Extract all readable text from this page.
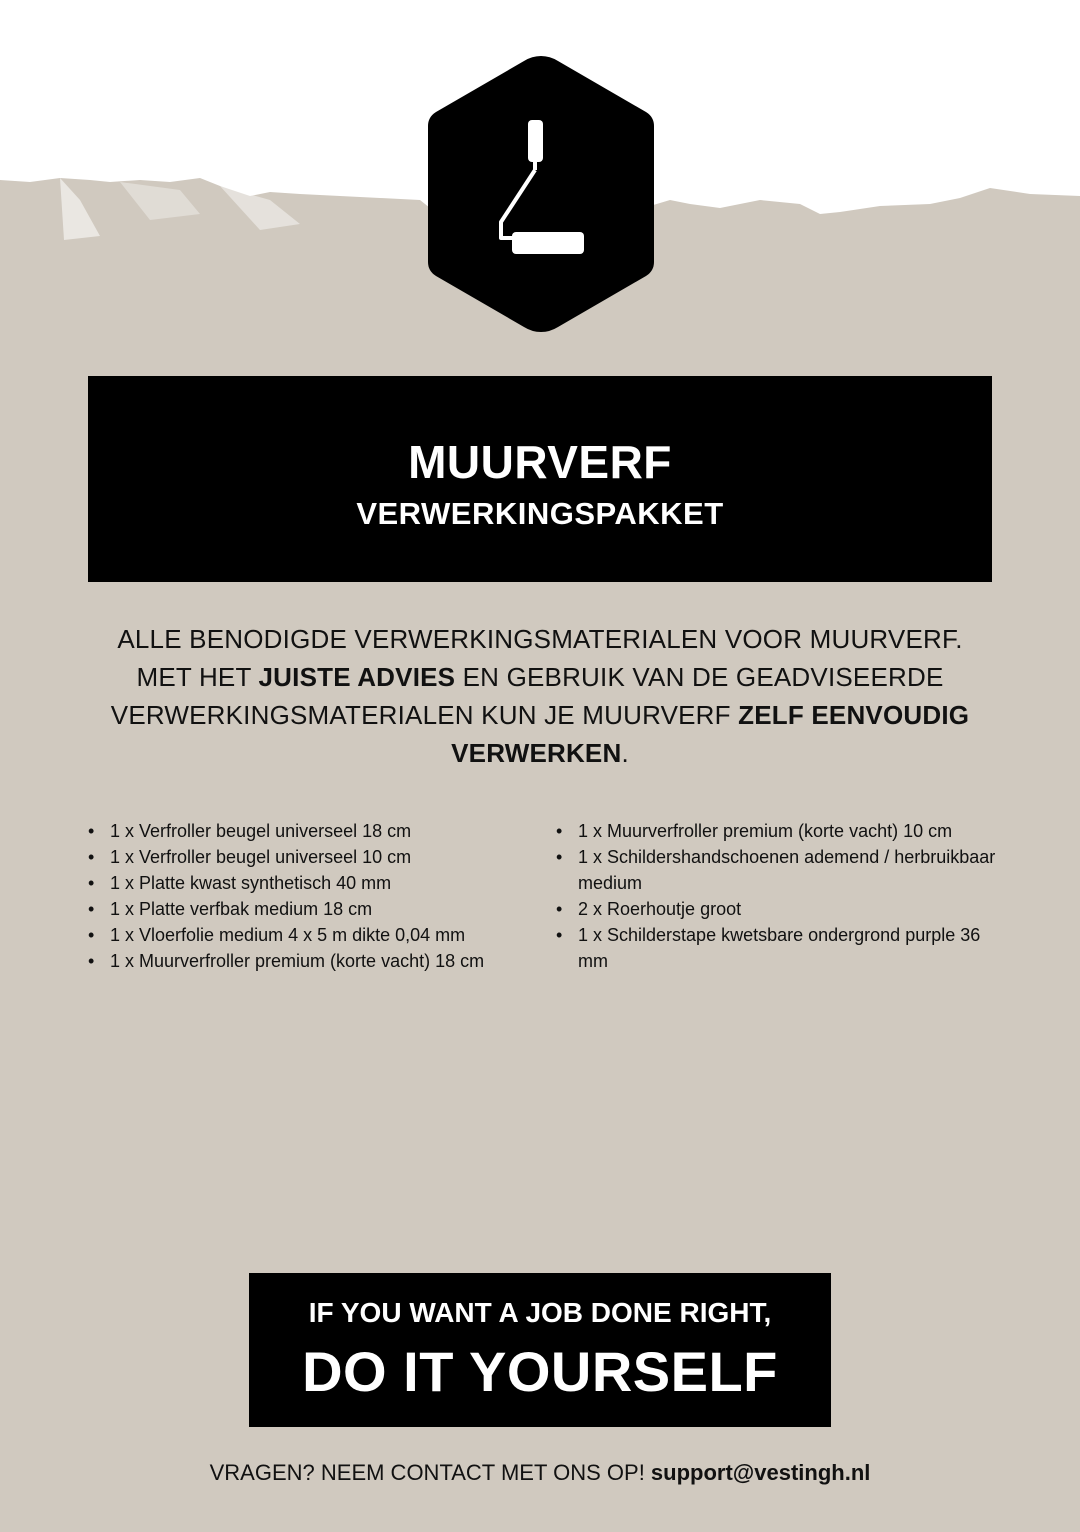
MUURVERF
VERWERKINGSPAKKET
ALLE BENODIGDE VERWERKINGSMATERIALEN VOOR MUURVERF.
MET HET JUISTE ADVIES EN GEBRUIK VAN DE GEADVISEERDE
VERWERKINGSMATERIALEN KUN JE MUURVERF ZELF EENVOUDIG
VERWERKEN.
• 1 x Verfroller beugel universeel 18 cm
• 1 x Verfroller beugel universeel 10 cm
• 1 x Platte kwast synthetisch 40 mm
• 1 x Platte verfbak medium 18 cm
• 1 x Vloerfolie medium 4 x 5 m dikte 0,04 mm
• 1 x Muurverfroller premium (korte vacht) 18 cm
• 1 x Muurverfroller premium (korte vacht) 10 cm
• 1 x Schildershandschoenen ademend / herbruikbaar medium
• 2 x Roerhoutje groot
• 1 x Schilderstape kwetsbare ondergrond purple 36 mm
IF YOU WANT A JOB DONE RIGHT,
DO IT YOURSELF
VRAGEN? NEEM CONTACT MET ONS OP! support@vestingh.nl
